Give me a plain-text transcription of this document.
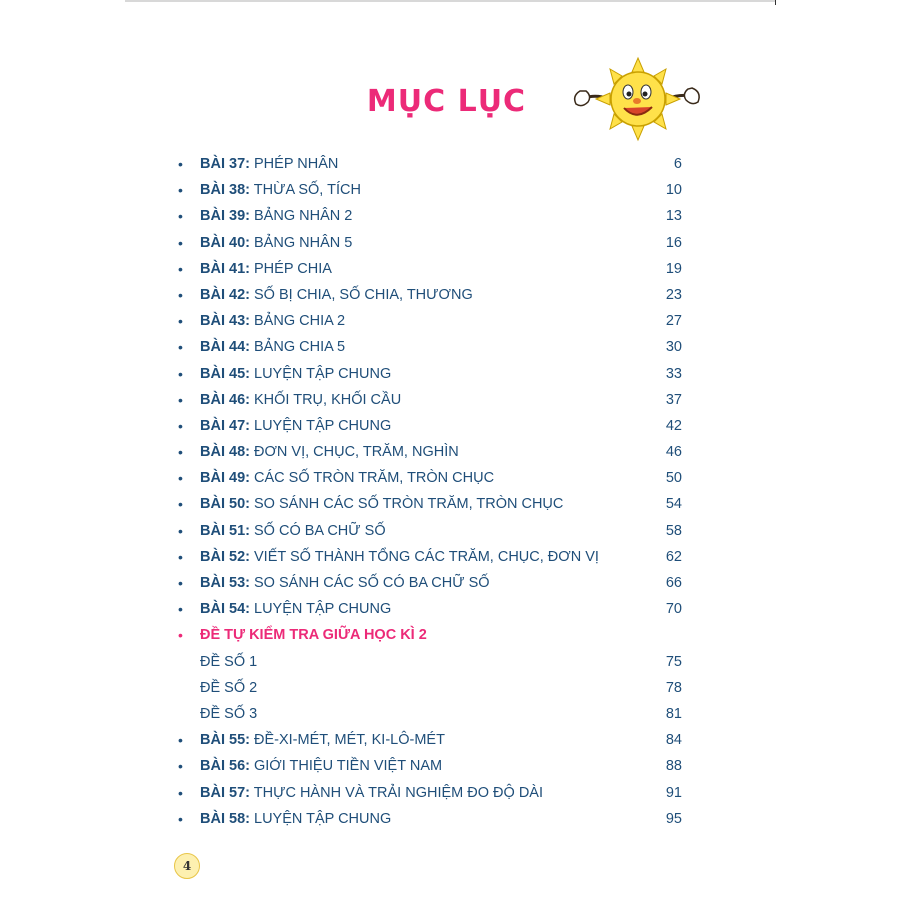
MỤC LỤC
• BÀI 37: PHÉP NHÂN	6
• BÀI 38: THỪA SỐ, TÍCH	10
• BÀI 39: BẢNG NHÂN 2	13
• BÀI 40: BẢNG NHÂN 5	16
• BÀI 41: PHÉP CHIA	19
• BÀI 42: SỐ BỊ CHIA, SỐ CHIA, THƯƠNG	23
• BÀI 43: BẢNG CHIA 2	27
• BÀI 44: BẢNG CHIA 5	30
• BÀI 45: LUYỆN TẬP CHUNG	33
• BÀI 46: KHỐI TRỤ, KHỐI CẦU	37
• BÀI 47: LUYỆN TẬP CHUNG	42
• BÀI 48: ĐƠN VỊ, CHỤC, TRĂM, NGHÌN	46
• BÀI 49: CÁC SỐ TRÒN TRĂM, TRÒN CHỤC	50
• BÀI 50: SO SÁNH CÁC SỐ TRÒN TRĂM, TRÒN CHỤC	54
• BÀI 51: SỐ CÓ BA CHỮ SỐ	58
• BÀI 52: VIẾT SỐ THÀNH TỔNG CÁC TRĂM, CHỤC, ĐƠN VỊ	62
• BÀI 53: SO SÁNH CÁC SỐ CÓ BA CHỮ SỐ	66
• BÀI 54: LUYỆN TẬP CHUNG	70
• ĐỀ TỰ KIỂM TRA GIỮA HỌC KÌ 2
ĐỀ SỐ 1	75
ĐỀ SỐ 2	78
ĐỀ SỐ 3	81
• BÀI 55: ĐỀ-XI-MÉT, MÉT, KI-LÔ-MÉT	84
• BÀI 56: GIỚI THIỆU TIỀN VIỆT NAM	88
• BÀI 57: THỰC HÀNH VÀ TRẢI NGHIỆM ĐO ĐỘ DÀI	91
• BÀI 58: LUYỆN TẬP CHUNG	95
4
